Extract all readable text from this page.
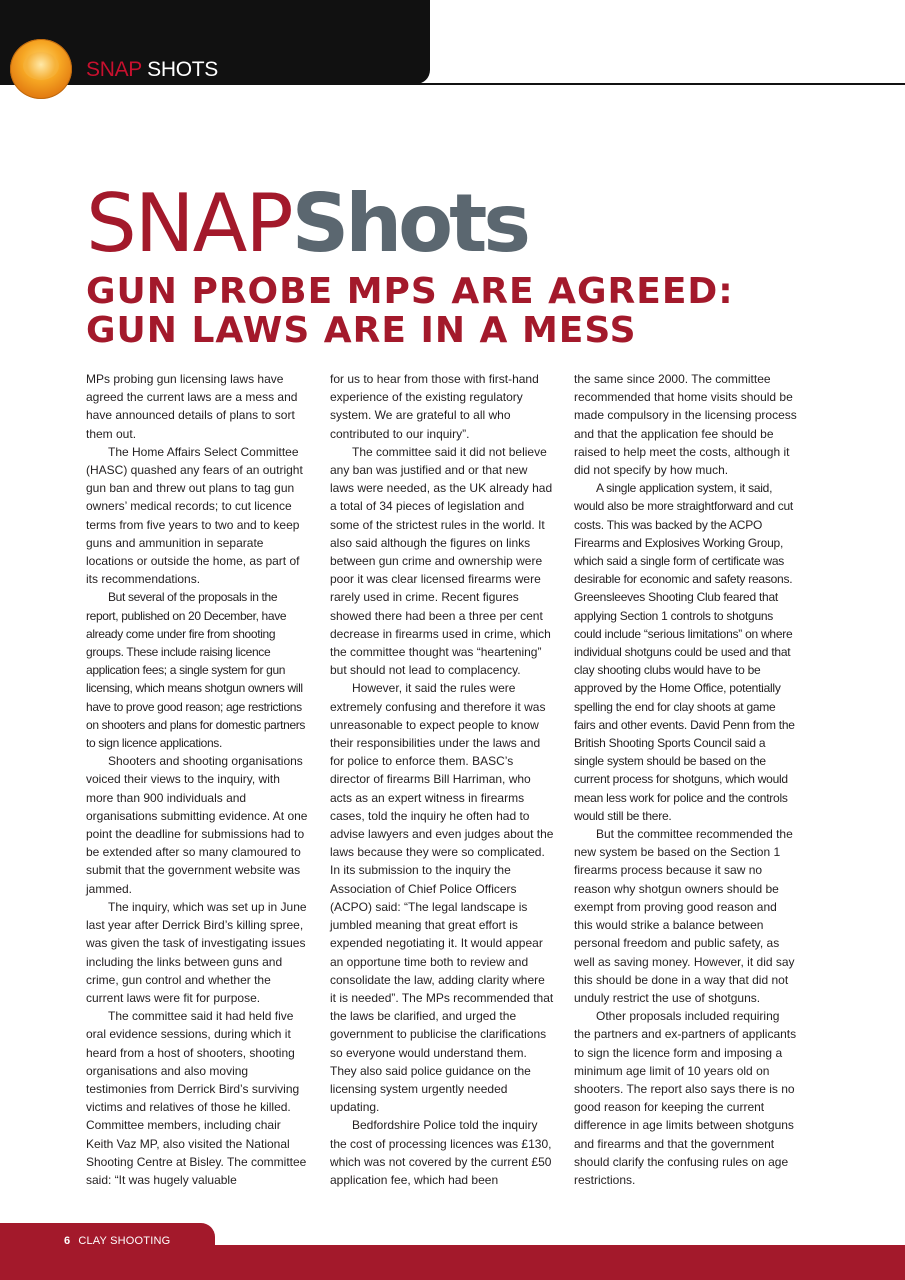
SNAP SHOTS
SNAPShots
GUN PROBE MPS ARE AGREED:
GUN LAWS ARE IN A MESS

MPs probing gun licensing laws have agreed the current laws are a mess and have announced details of plans to sort them out.

The Home Affairs Select Committee (HASC) quashed any fears of an outright gun ban and threw out plans to tag gun owners’ medical records; to cut licence terms from five years to two and to keep guns and ammunition in separate locations or outside the home, as part of its recommendations.

But several of the proposals in the report, published on 20 December, have already come under fire from shooting groups. These include raising licence application fees; a single system for gun licensing, which means shotgun owners will have to prove good reason; age restrictions on shooters and plans for domestic partners to sign licence applications.

Shooters and shooting organisations voiced their views to the inquiry, with more than 900 individuals and organisations submitting evidence. At one point the deadline for submissions had to be extended after so many clamoured to submit that the government website was jammed.

The inquiry, which was set up in June last year after Derrick Bird’s killing spree, was given the task of investigating issues including the links between guns and crime, gun control and whether the current laws were fit for purpose.

The committee said it had held five oral evidence sessions, during which it heard from a host of shooters, shooting organisations and also moving testimonies from Derrick Bird’s surviving victims and relatives of those he killed. Committee members, including chair Keith Vaz MP, also visited the National Shooting Centre at Bisley. The committee said: “It was hugely valuable

for us to hear from those with first-hand experience of the existing regulatory system. We are grateful to all who contributed to our inquiry”.

The committee said it did not believe any ban was justified and or that new laws were needed, as the UK already had a total of 34 pieces of legislation and some of the strictest rules in the world. It also said although the figures on links between gun crime and ownership were poor it was clear licensed firearms were rarely used in crime. Recent figures showed there had been a three per cent decrease in firearms used in crime, which the committee thought was “heartening” but should not lead to complacency.

However, it said the rules were extremely confusing and therefore it was unreasonable to expect people to know their responsibilities under the laws and for police to enforce them. BASC’s director of firearms Bill Harriman, who acts as an expert witness in firearms cases, told the inquiry he often had to advise lawyers and even judges about the laws because they were so complicated. In its submission to the inquiry the Association of Chief Police Officers (ACPO) said: “The legal landscape is jumbled meaning that great effort is expended negotiating it. It would appear an opportune time both to review and consolidate the law, adding clarity where it is needed”. The MPs recommended that the laws be clarified, and urged the government to publicise the clarifications so everyone would understand them. They also said police guidance on the licensing system urgently needed updating.

Bedfordshire Police told the inquiry the cost of processing licences was £130, which was not covered by the current £50 application fee, which had been

the same since 2000. The committee recommended that home visits should be made compulsory in the licensing process and that the application fee should be raised to help meet the costs, although it did not specify by how much.

A single application system, it said, would also be more straightforward and cut costs. This was backed by the ACPO Firearms and Explosives Working Group, which said a single form of certificate was desirable for economic and safety reasons. Greensleeves Shooting Club feared that applying Section 1 controls to shotguns could include “serious limitations” on where individual shotguns could be used and that clay shooting clubs would have to be approved by the Home Office, potentially spelling the end for clay shoots at game fairs and other events. David Penn from the British Shooting Sports Council said a single system should be based on the current process for shotguns, which would mean less work for police and the controls would still be there.

But the committee recommended the new system be based on the Section 1 firearms process because it saw no reason why shotgun owners should be exempt from proving good reason and this would strike a balance between personal freedom and public safety, as well as saving money. However, it did say this should be done in a way that did not unduly restrict the use of shotguns.

Other proposals included requiring the partners and ex-partners of applicants to sign the licence form and imposing a minimum age limit of 10 years old on shooters. The report also says there is no good reason for keeping the current difference in age limits between shotguns and firearms and that the government should clarify the confusing rules on age restrictions.

6 CLAY SHOOTING
